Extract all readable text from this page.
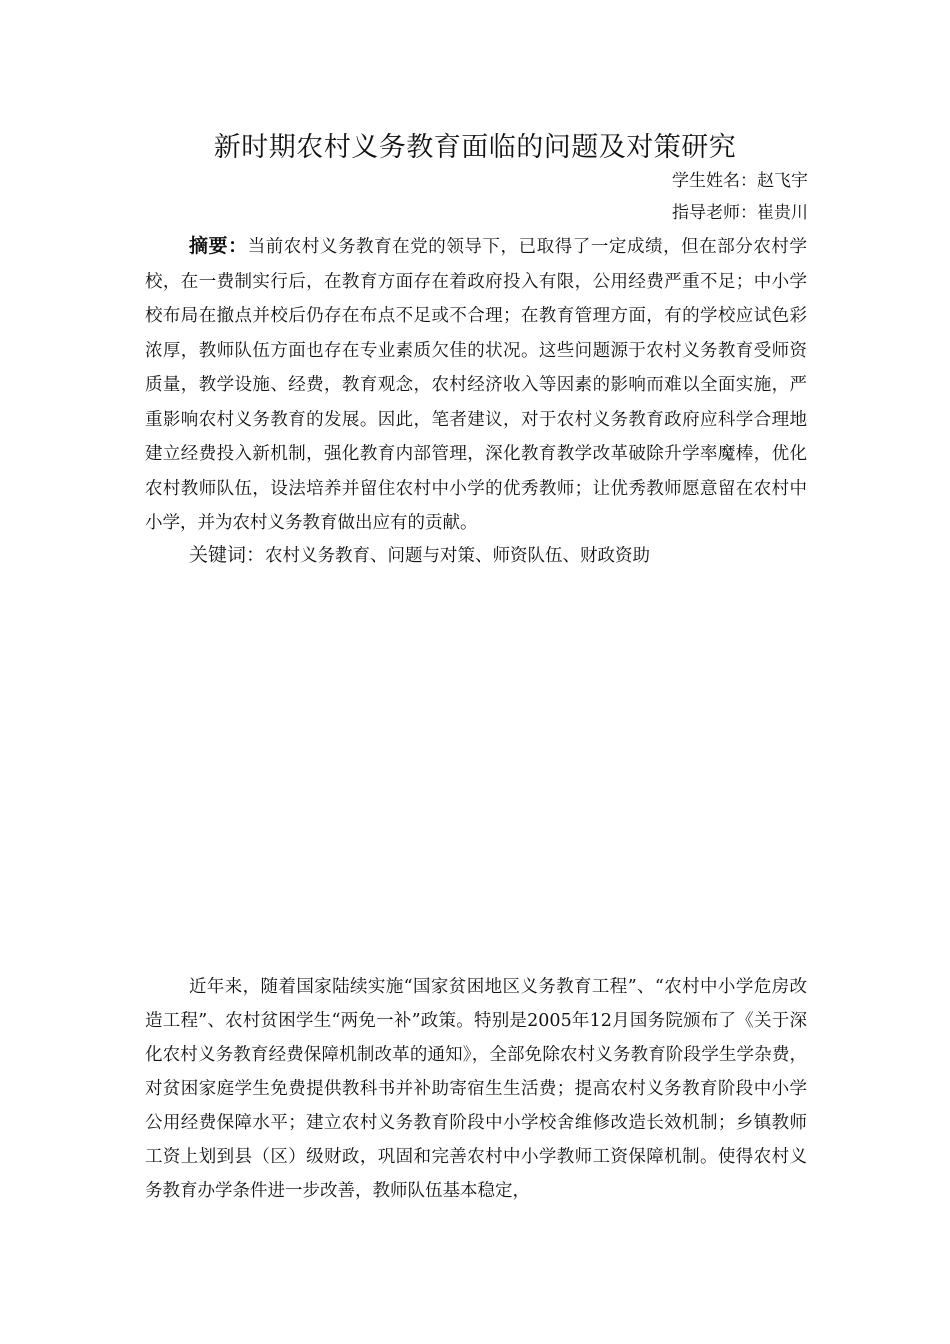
新时期农村义务教育面临的问题及对策研究
学生姓名：赵飞宇
指导老师：崔贵川

摘要：当前农村义务教育在党的领导下，已取得了一定成绩，但在部分农村学校，在一费制实行后，在教育方面存在着政府投入有限，公用经费严重不足；中小学校布局在撤点并校后仍存在布点不足或不合理；在教育管理方面，有的学校应试色彩浓厚，教师队伍方面也存在专业素质欠佳的状况。这些问题源于农村义务教育受师资质量，教学设施、经费，教育观念，农村经济收入等因素的影响而难以全面实施，严重影响农村义务教育的发展。因此，笔者建议，对于农村义务教育政府应科学合理地建立经费投入新机制，强化教育内部管理，深化教育教学改革破除升学率魔棒，优化农村教师队伍，设法培养并留住农村中小学的优秀教师；让优秀教师愿意留在农村中小学，并为农村义务教育做出应有的贡献。

关键词：农村义务教育、问题与对策、师资队伍、财政资助

近年来，随着国家陆续实施“国家贫困地区义务教育工程”、“农村中小学危房改造工程”、农村贫困学生“两免一补”政策。特别是2005年12月国务院颁布了《关于深化农村义务教育经费保障机制改革的通知》，全部免除农村义务教育阶段学生学杂费，对贫困家庭学生免费提供教科书并补助寄宿生生活费；提高农村义务教育阶段中小学公用经费保障水平；建立农村义务教育阶段中小学校舍维修改造长效机制；乡镇教师工资上划到县（区）级财政，巩固和完善农村中小学教师工资保障机制。使得农村义务教育办学条件进一步改善，教师队伍基本稳定，
